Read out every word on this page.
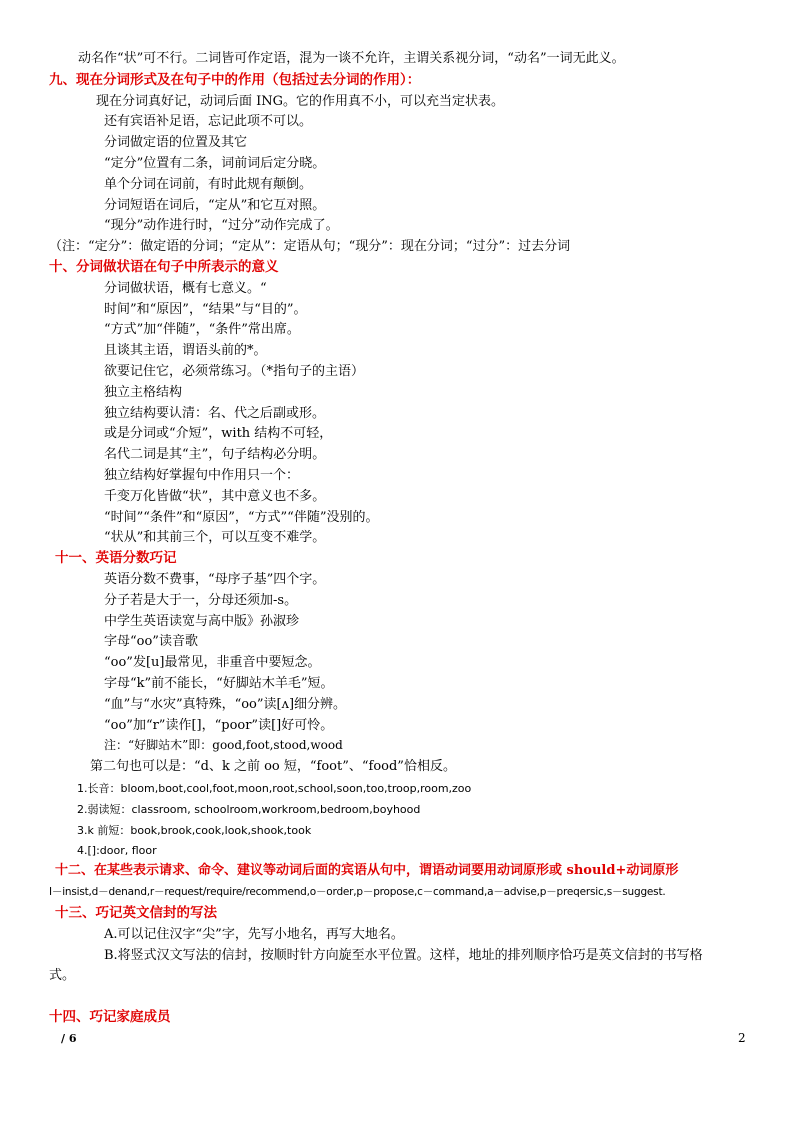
动名作“状”可不行。二词皆可作定语，混为一谈不允许，主谓关系视分词，“动名”一词无此义。
九、现在分词形式及在句子中的作用（包括过去分词的作用）：
现在分词真好记，动词后面 ING。它的作用真不小，可以充当定状表。
还有宾语补足语，忘记此项不可以。
分词做定语的位置及其它
“定分”位置有二条，词前词后定分晓。
单个分词在词前，有时此规有颠倒。
分词短语在词后，“定从”和它互对照。
“现分”动作进行时，“过分”动作完成了。
（注：“定分”：做定语的分词；“定从”：定语从句；“现分”：现在分词；“过分”：过去分词
十、分词做状语在句子中所表示的意义
分词做状语，概有七意义。“
时间”和“原因”，“结果”与“目的”。
“方式”加“伴随”，“条件”常出席。
且谈其主语，谓语头前的*。
欲要记住它，必须常练习。（*指句子的主语）
独立主格结构
独立结构要认清：名、代之后副或形。
或是分词或“介短”，with 结构不可轻，
名代二词是其“主”，句子结构必分明。
独立结构好掌握句中作用只一个：
千变万化皆做“状”，其中意义也不多。
“时间”“条件”和“原因”，“方式”“伴随”没别的。
“状从”和其前三个，可以互变不难学。
十一、英语分数巧记
英语分数不费事，“母序子基”四个字。
分子若是大于一，分母还须加-s。
中学生英语读宽与高中版》孙淑珍
字母“oo”读音歌
“oo”发[u]最常见，非重音中要短念。
字母“k”前不能长，“好脚站木羊毛”短。
“血”与“水灾”真特殊，“oo”读[ʌ]细分辨。
“oo”加“r”读作[]，“poor”读[]好可怜。
注：“好脚站木”即：good,foot,stood,wood
第二句也可以是：“d、k 之前 oo 短，“foot”、“food”恰相反。
1.长音：bloom,boot,cool,foot,moon,root,school,soon,too,troop,room,zoo
2.弱读短：classroom, schoolroom,workroom,bedroom,boyhood
3.k 前短：book,brook,cook,look,shook,took
4.[]:door, floor
十二、在某些表示请求、命令、建议等动词后面的宾语从句中，谓语动词要用动词原形或 should+动词原形
I－insist,d－denand,r－request/require/recommend,o－order,p－propose,c－command,a－advise,p－preqersic,s－suggest.
十三、巧记英文信封的写法
A.可以记住汉字“尖”字，先写小地名，再写大地名。
B.将竖式汉文写法的信封，按顺时针方向旋至水平位置。这样，地址的排列顺序恰巧是英文信封的书写格
式。
十四、巧记家庭成员
/ 6	2
